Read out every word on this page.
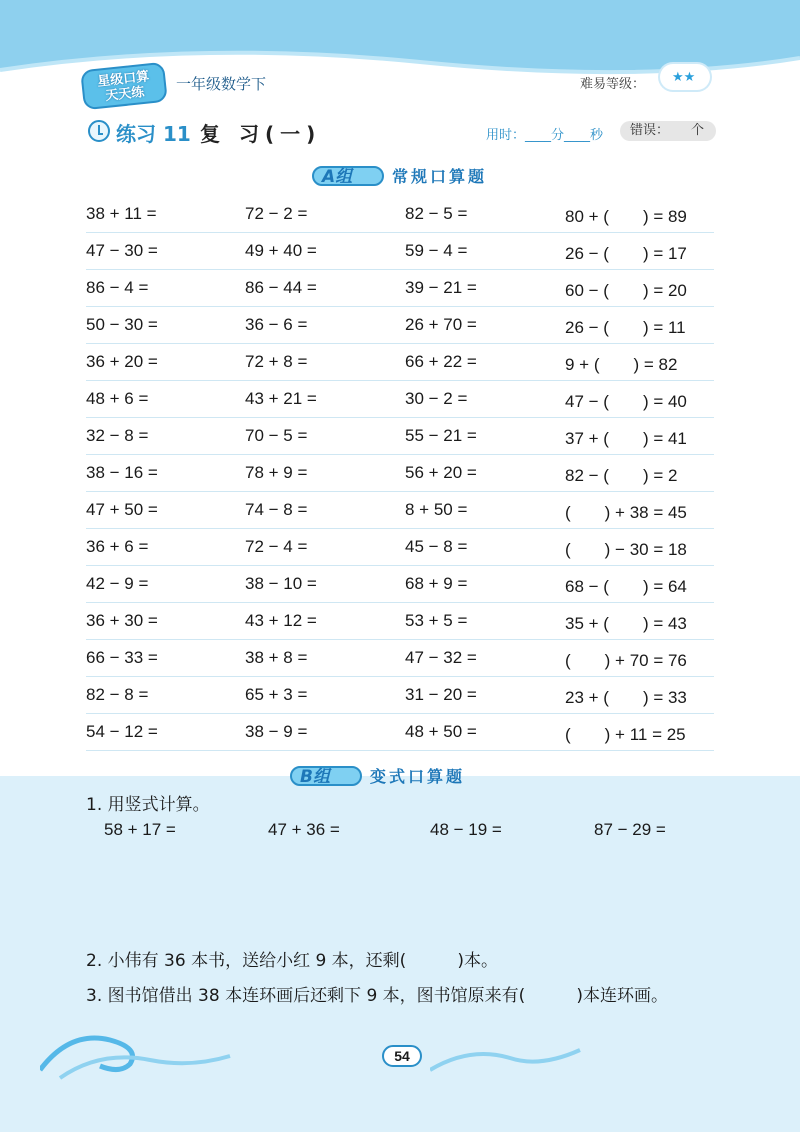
星级口算
天天练	一年级数学下	难易等级：
★★
练习 11 复 习(一)	用时：____分____秒	错误： 个
A组 常规口算题
38 + 11 =	72 − 2 =	82 − 5 =	80 + (　　) = 89
47 − 30 =	49 + 40 =	59 − 4 =	26 − (　　) = 17
86 − 4 =	86 − 44 =	39 − 21 =	60 − (　　) = 20
50 − 30 =	36 − 6 =	26 + 70 =	26 − (　　) = 11
36 + 20 =	72 + 8 =	66 + 22 =	9 + (　　) = 82
48 + 6 =	43 + 21 =	30 − 2 =	47 − (　　) = 40
32 − 8 =	70 − 5 =	55 − 21 =	37 + (　　) = 41
38 − 16 =	78 + 9 =	56 + 20 =	82 − (　　) = 2
47 + 50 =	74 − 8 =	8 + 50 =	(　　) + 38 = 45
36 + 6 =	72 − 4 =	45 − 8 =	(　　) − 30 = 18
42 − 9 =	38 − 10 =	68 + 9 =	68 − (　　) = 64
36 + 30 =	43 + 12 =	53 + 5 =	35 + (　　) = 43
66 − 33 =	38 + 8 =	47 − 32 =	(　　) + 70 = 76
82 − 8 =	65 + 3 =	31 − 20 =	23 + (　　) = 33
54 − 12 =	38 − 9 =	48 + 50 =	(　　) + 11 = 25
B组	变式口算题
1. 用竖式计算。
58 + 17 =	47 + 36 =	48 − 19 =	87 − 29 =
2. 小伟有 36 本书，送给小红 9 本，还剩(　　　)本。
3. 图书馆借出 38 本连环画后还剩下 9 本，图书馆原来有(　　　)本连环画。
54
